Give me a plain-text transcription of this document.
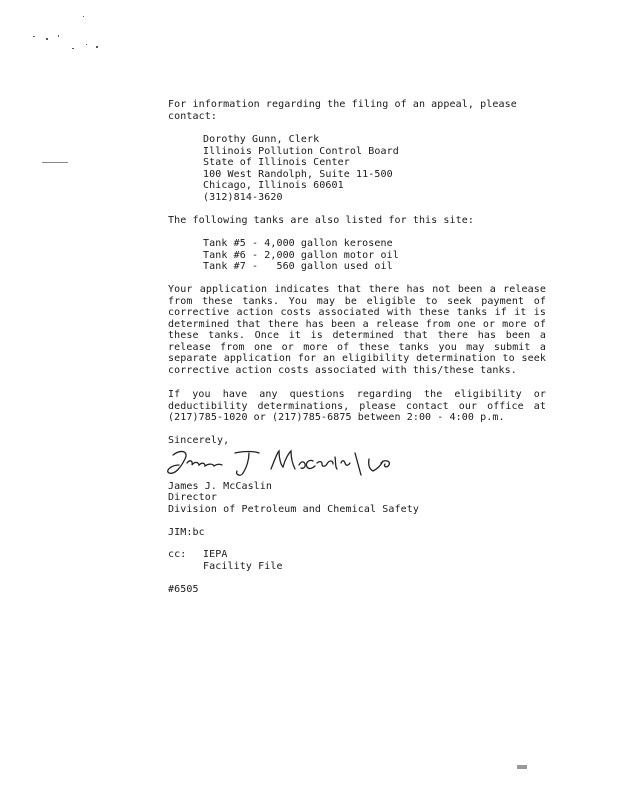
For information regarding the filing of an appeal, please
contact:
Dorothy Gunn, Clerk
Illinois Pollution Control Board
State of Illinois Center
100 West Randolph, Suite 11-500
Chicago, Illinois 60601
(312)814-3620
The following tanks are also listed for this site:
Tank #5 - 4,000 gallon kerosene
Tank #6 - 2,000 gallon motor oil
Tank #7 -   560 gallon used oil
Your application indicates that there has not been a release
from these tanks. You may be eligible to seek payment of
corrective action costs associated with these tanks if it is
determined that there has been a release from one or more of
these tanks. Once it is determined that there has been a
release from one or more of these tanks you may submit a
separate application for an eligibility determination to seek
corrective action costs associated with this/these tanks.
If you have any questions regarding the eligibility or
deductibility determinations, please contact our office at
(217)785-1020 or (217)785-6875 between 2:00 - 4:00 p.m.
Sincerely,
James J. McCaslin
Director
Division of Petroleum and Chemical Safety
JIM:bc
cc: IEPA
Facility File
#6505
